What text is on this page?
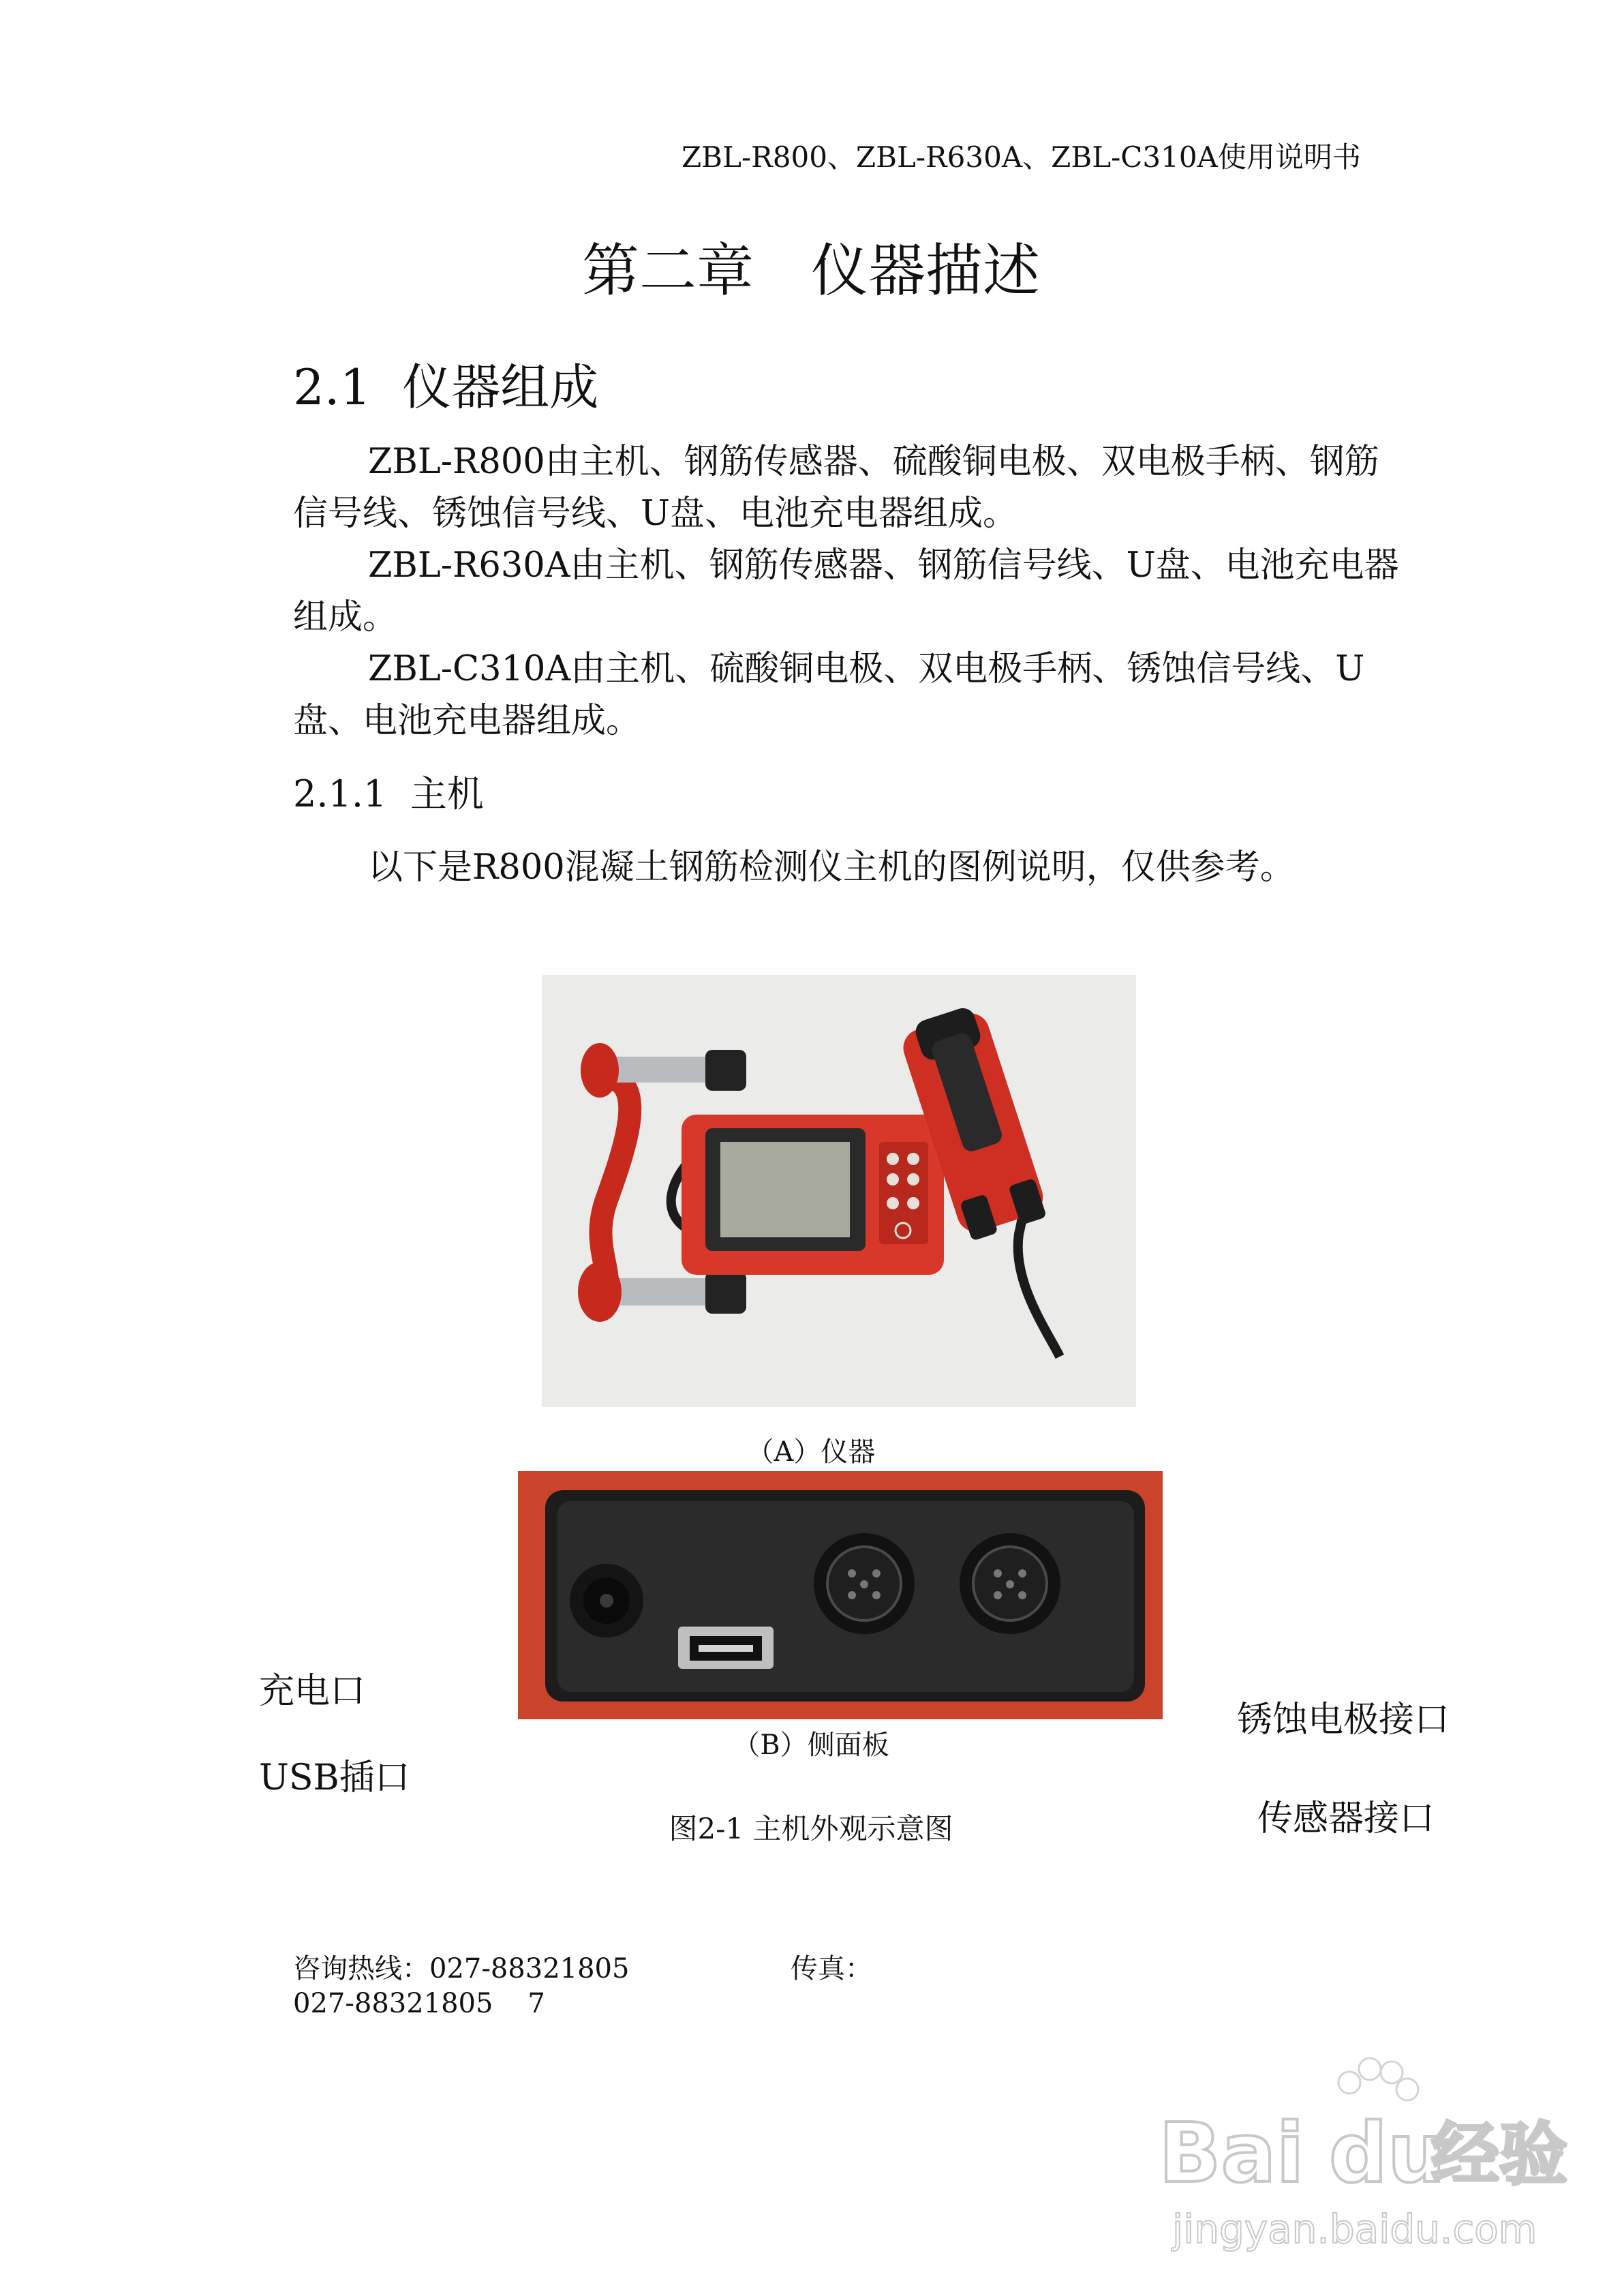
ZBL-R800、ZBL-R630A、ZBL-C310A使用说明书
第二章　仪器描述
2.1  仪器组成
ZBL-R800由主机、钢筋传感器、硫酸铜电极、双电极手柄、钢筋信号线、锈蚀信号线、U盘、电池充电器组成。
ZBL-R630A由主机、钢筋传感器、钢筋信号线、U盘、电池充电器组成。
ZBL-C310A由主机、硫酸铜电极、双电极手柄、锈蚀信号线、U盘、电池充电器组成。
2.1.1  主机
以下是R800混凝土钢筋检测仪主机的图例说明，仅供参考。
（A）仪器
（B）侧面板
充电口
USB插口
锈蚀电极接口
传感器接口
图2-1 主机外观示意图
咨询热线：027-88321805	传真：
027-88321805    7
Bai du
经验
jingyan.baidu.com
